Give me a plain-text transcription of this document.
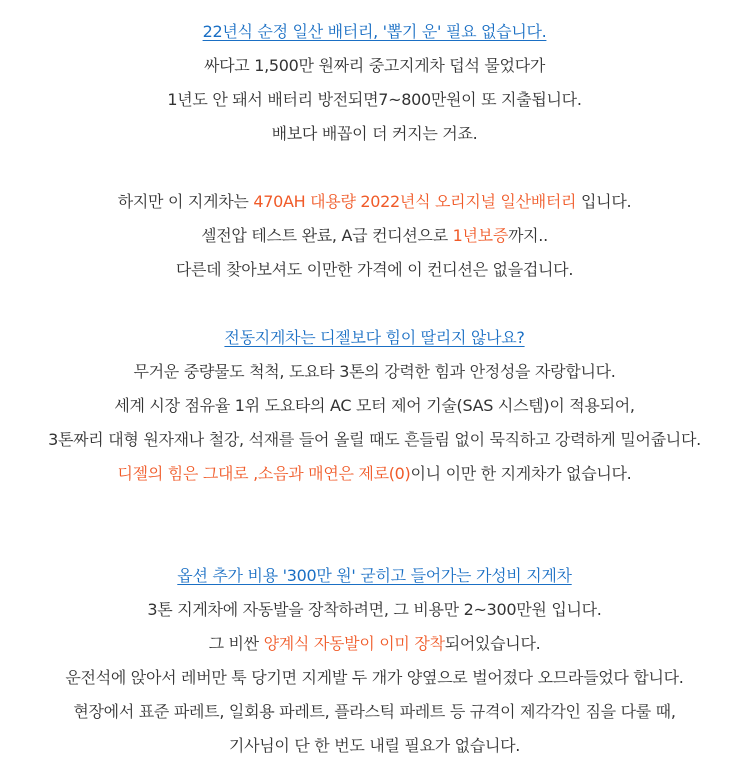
22년식 순정 일산 배터리, '뽑기 운' 필요 없습니다.
싸다고 1,500만 원짜리 중고지게차 덥석 물었다가
1년도 안 돼서 배터리 방전되면7~800만원이 또 지출됩니다.
배보다 배꼽이 더 커지는 거죠.
하지만 이 지게차는 470AH 대용량 2022년식 오리지널 일산배터리 입니다.
셀전압 테스트 완료, A급 컨디션으로 1년보증까지..
다른데 찾아보셔도 이만한 가격에 이 컨디션은 없을겁니다.
전동지게차는 디젤보다 힘이 딸리지 않나요?
무거운 중량물도 척척, 도요타 3톤의 강력한 힘과 안정성을 자랑합니다.
세계 시장 점유율 1위 도요타의 AC 모터 제어 기술(SAS 시스템)이 적용되어,
3톤짜리 대형 원자재나 철강, 석재를 들어 올릴 때도 흔들림 없이 묵직하고 강력하게 밀어줍니다.
디젤의 힘은 그대로 ,소음과 매연은 제로(0)이니 이만 한 지게차가 없습니다.
옵션 추가 비용 '300만 원' 굳히고 들어가는 가성비 지게차
3톤 지게차에 자동발을 장착하려면, 그 비용만 2~300만원 입니다.
그 비싼 양계식 자동발이 이미 장착되어있습니다.
운전석에 앉아서 레버만 툭 당기면 지게발 두 개가 양옆으로 벌어졌다 오므라들었다 합니다.
현장에서 표준 파레트, 일회용 파레트, 플라스틱 파레트 등 규격이 제각각인 짐을 다룰 때,
기사님이 단 한 번도 내릴 필요가 없습니다.
